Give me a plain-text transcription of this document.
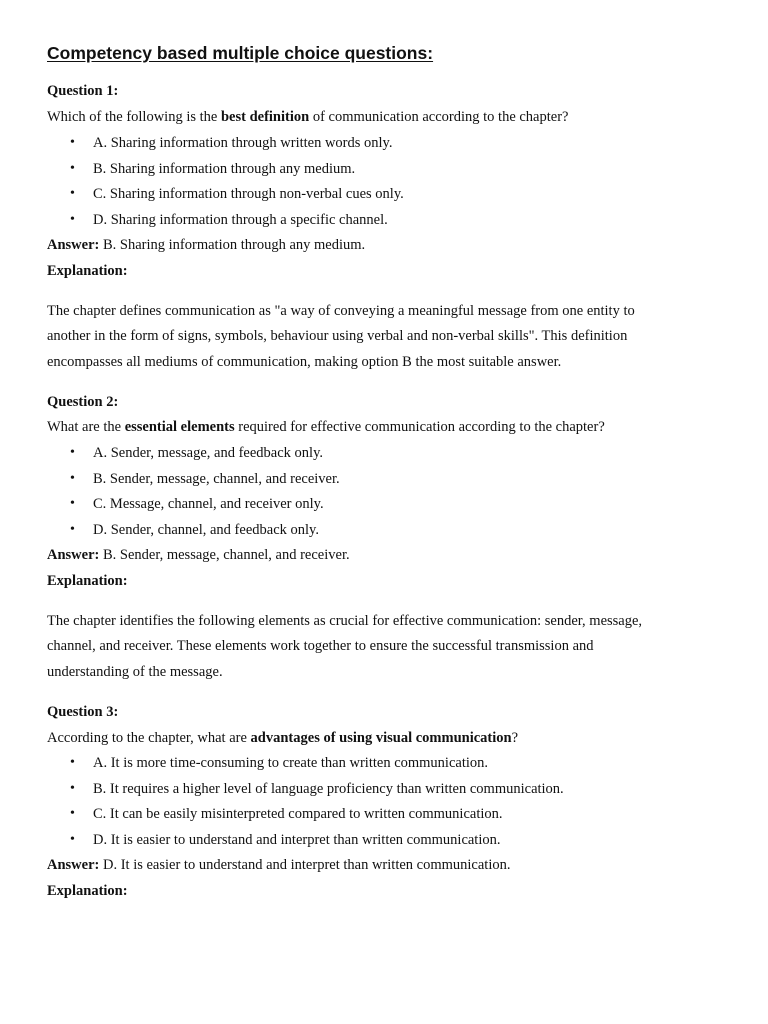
Competency based multiple choice questions:
Question 1:
Which of the following is the best definition of communication according to the chapter?
• A. Sharing information through written words only.
• B. Sharing information through any medium.
• C. Sharing information through non-verbal cues only.
• D. Sharing information through a specific channel.
Answer: B. Sharing information through any medium.
Explanation:
The chapter defines communication as "a way of conveying a meaningful message from one entity to
another in the form of signs, symbols, behaviour using verbal and non-verbal skills". This definition
encompasses all mediums of communication, making option B the most suitable answer.
Question 2:
What are the essential elements required for effective communication according to the chapter?
• A. Sender, message, and feedback only.
• B. Sender, message, channel, and receiver.
• C. Message, channel, and receiver only.
• D. Sender, channel, and feedback only.
Answer: B. Sender, message, channel, and receiver.
Explanation:
The chapter identifies the following elements as crucial for effective communication: sender, message,
channel, and receiver. These elements work together to ensure the successful transmission and
understanding of the message.
Question 3:
According to the chapter, what are advantages of using visual communication?
• A. It is more time-consuming to create than written communication.
• B. It requires a higher level of language proficiency than written communication.
• C. It can be easily misinterpreted compared to written communication.
• D. It is easier to understand and interpret than written communication.
Answer: D. It is easier to understand and interpret than written communication.
Explanation:
